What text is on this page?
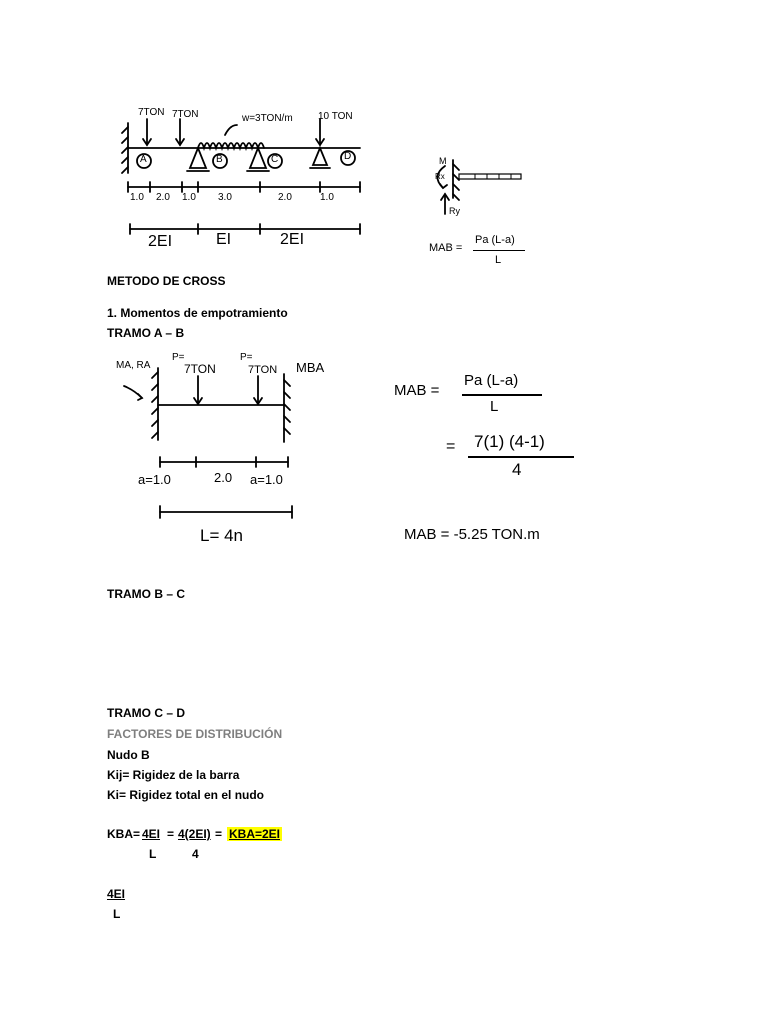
7TON 7TON	w=3TON/m	10 TON
A	B	C	D
1.0 2.0 1.0 3.0	2.0	1.0
2EI	EI	2EI
M
Rx
Ry
MAB =
Pa (L-a)
L
METODO DE CROSS
1. Momentos de empotramiento
TRAMO A – B
MA, RA
P=
7TON
P=
7TON MBA
a=1.0	2.0 a=1.0
L= 4n
MAB =
Pa (L-a)
L
= 7(1) (4-1)
4
MAB = -5.25 TON.m
TRAMO B – C
TRAMO C – D
FACTORES DE DISTRIBUCIÓN
Nudo B
Kij= Rigidez de la barra
Ki= Rigidez total en el nudo
KBA= 4EI = 4(2EI) = KBA=2EI
L	4
4EI
L
